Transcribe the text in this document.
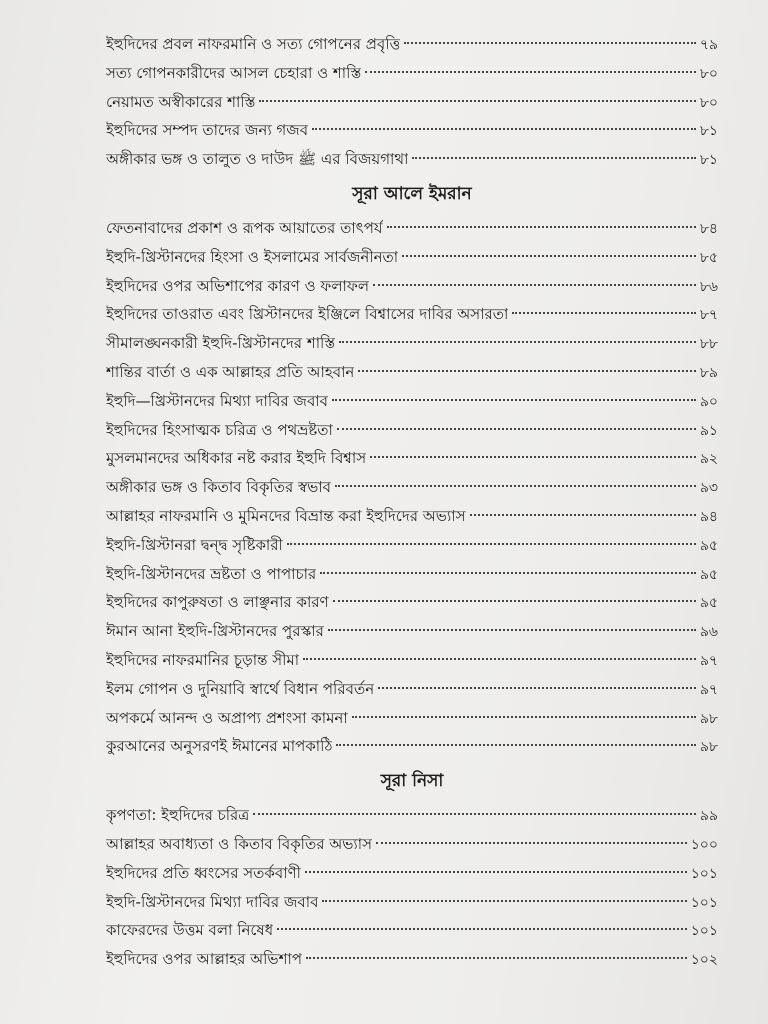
ইহুদিদের প্রবল নাফরমানি ও সত্য গোপনের প্রবৃত্তি	৭৯
সত্য গোপনকারীদের আসল চেহারা ও শাস্তি	৮০
নেয়ামত অস্বীকারের শাস্তি	৮০
ইহুদিদের সম্পদ তাদের জন্য গজব	৮১
অঙ্গীকার ভঙ্গ ও তালুত ও দাউদ ﷺ এর বিজয়গাথা	৮১
সূরা আলে ইমরান
ফেতনাবাদের প্রকাশ ও রূপক আয়াতের তাৎপর্য	৮৪
ইহুদি-খ্রিস্টানদের হিংসা ও ইসলামের সার্বজনীনতা	৮৫
ইহুদিদের ওপর অভিশাপের কারণ ও ফলাফল	৮৬
ইহুদিদের তাওরাত এবং খ্রিস্টানদের ইঞ্জিলে বিশ্বাসের দাবির অসারতা	৮৭
সীমালঙ্ঘনকারী ইহুদি-খ্রিস্টানদের শাস্তি	৮৮
শান্তির বার্তা ও এক আল্লাহর প্রতি আহবান	৮৯
ইহুদি—খ্রিস্টানদের মিথ্যা দাবির জবাব	৯০
ইহুদিদের হিংসাত্মক চরিত্র ও পথভ্রষ্টতা	৯১
মুসলমানদের অধিকার নষ্ট করার ইহুদি বিশ্বাস	৯২
অঙ্গীকার ভঙ্গ ও কিতাব বিকৃতির স্বভাব	৯৩
আল্লাহর নাফরমানি ও মুমিনদের বিভ্রান্ত করা ইহুদিদের অভ্যাস	৯৪
ইহুদি-খ্রিস্টানরা দ্বন্দ্ব সৃষ্টিকারী	৯৫
ইহুদি-খ্রিস্টানদের ভ্রষ্টতা ও পাপাচার	৯৫
ইহুদিদের কাপুরুষতা ও লাঞ্ছনার কারণ	৯৫
ঈমান আনা ইহুদি-খ্রিস্টানদের পুরস্কার	৯৬
ইহুদিদের নাফরমানির চূড়ান্ত সীমা	৯৭
ইলম গোপন ও দুনিয়াবি স্বার্থে বিধান পরিবর্তন	৯৭
অপকর্মে আনন্দ ও অপ্রাপ্য প্রশংসা কামনা	৯৮
কুরআনের অনুসরণই ঈমানের মাপকাঠি	৯৮
সূরা নিসা
কৃপণতা: ইহুদিদের চরিত্র	৯৯
আল্লাহর অবাধ্যতা ও কিতাব বিকৃতির অভ্যাস	১০০
ইহুদিদের প্রতি ধ্বংসের সতর্কবাণী	১০১
ইহুদি-খ্রিস্টানদের মিথ্যা দাবির জবাব	১০১
কাফেরদের উত্তম বলা নিষেধ	১০১
ইহুদিদের ওপর আল্লাহর অভিশাপ	১০২
